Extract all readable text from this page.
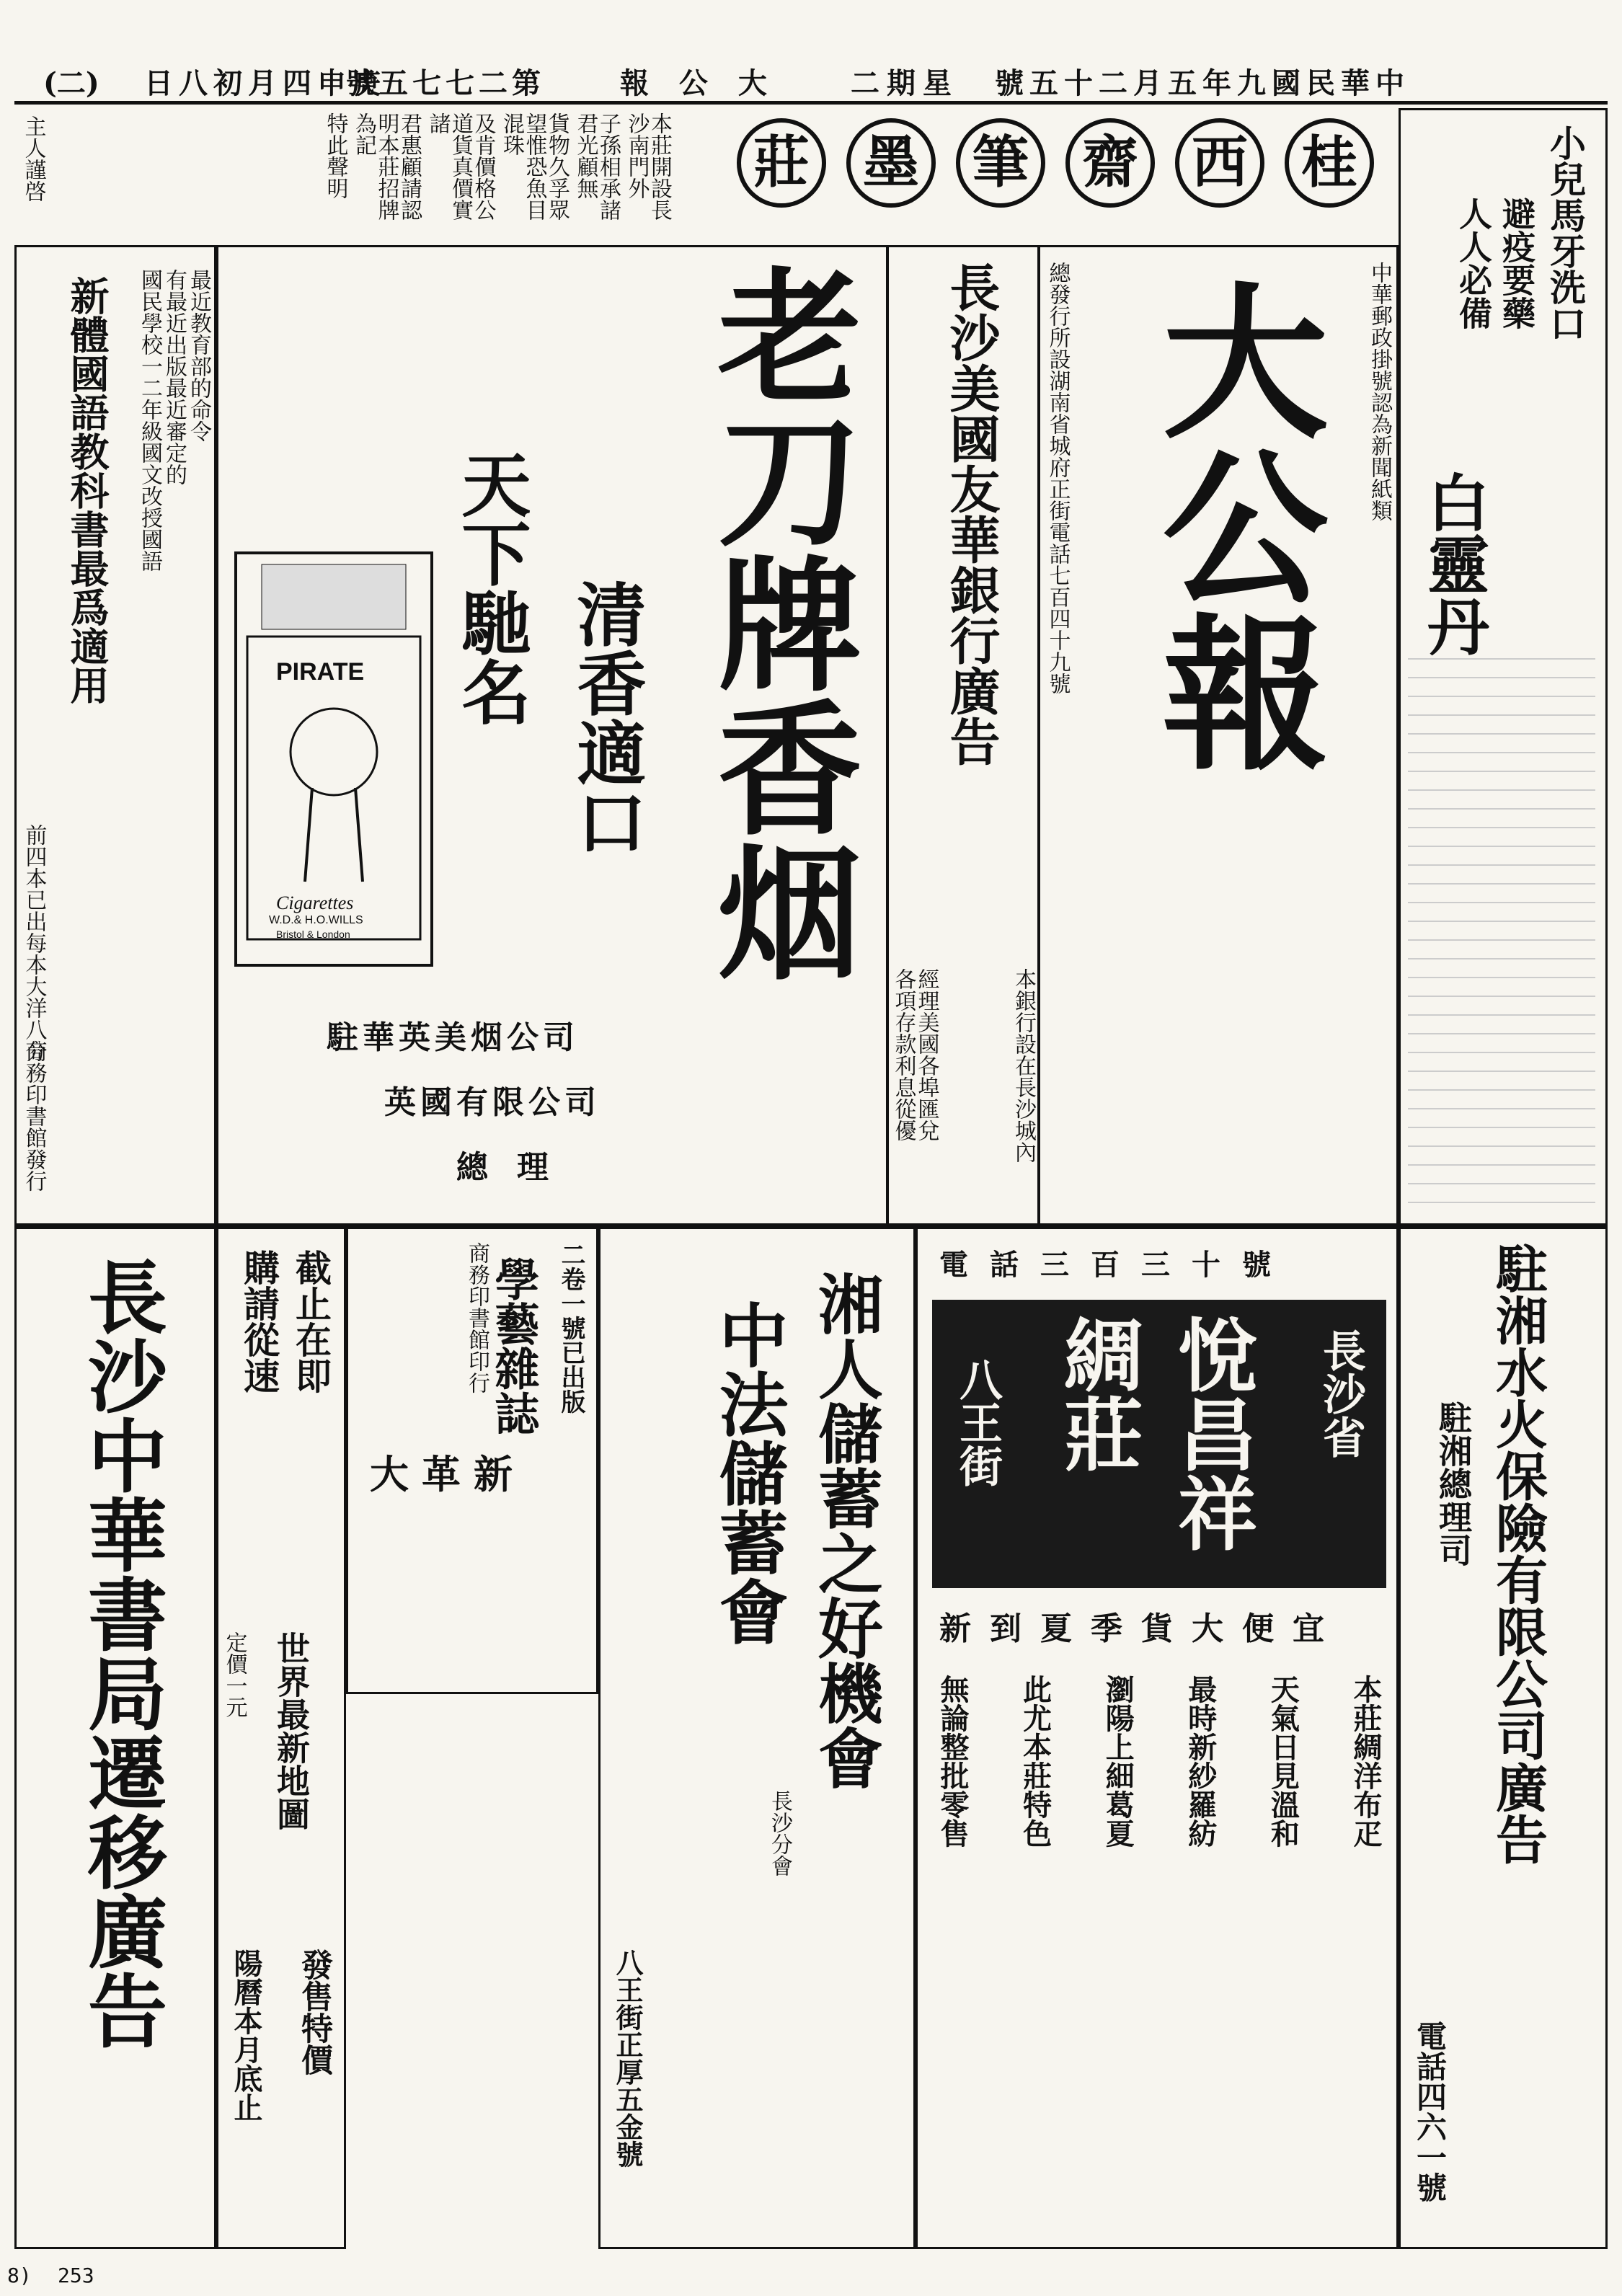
(二) 日八初月四申庚
號五七七二第	報 公 大	二期星 號五十二月五年九國民華中
主人謹啓	本莊開設長沙南門外
子孫相承諸君光顧無
貨物久孚眾望惟恐魚目混珠
及肯價格公道貨真價實諸
君惠顧請認明本莊招牌為記
特此聲明	桂
西
齋
筆
墨
莊
白靈丹
小兒馬牙洗口
避疫要藥
人人必備
大公報 中華郵政掛號認為新聞紙類
總發行所設湖南省城府正街電話七百四十九號
長沙美國友華銀行廣告
本銀行設在長沙城內
各項存款利息從優
經理美國各埠匯兌
老刀牌香烟
清香適口
天下馳名
PIRATE
Cigarettes
W.D.& H.O.WILLS
Bristol & London
駐華英美烟公司
英國有限公司
總理
新體國語教科書最爲適用	最近教育部的命令
有最近出版最近審定的
國民學校一二年級國文改授國語
前四本已出每本大洋八分
商務印書館發行
駐湘水火保險有限公司廣告
駐湘總理司
電話四六一號
電話三百三十號
長沙省
悅昌祥綢莊
八王街
新到夏季貨大便宜
本莊綢洋布疋
天氣日見溫和
最時新紗羅紡
瀏陽上細葛夏
此尤本莊特色
無論整批零售
湘人儲蓄之好機會
中法儲蓄會
長沙分會
八王街正厚五金號
二卷一號已出版
學藝雜誌
商務印書館印行
大革新
截止在即
購請從速
世界最新地圖
定價一元
發售特價
陽曆本月底止
長沙中華書局遷移廣告
8) 253
